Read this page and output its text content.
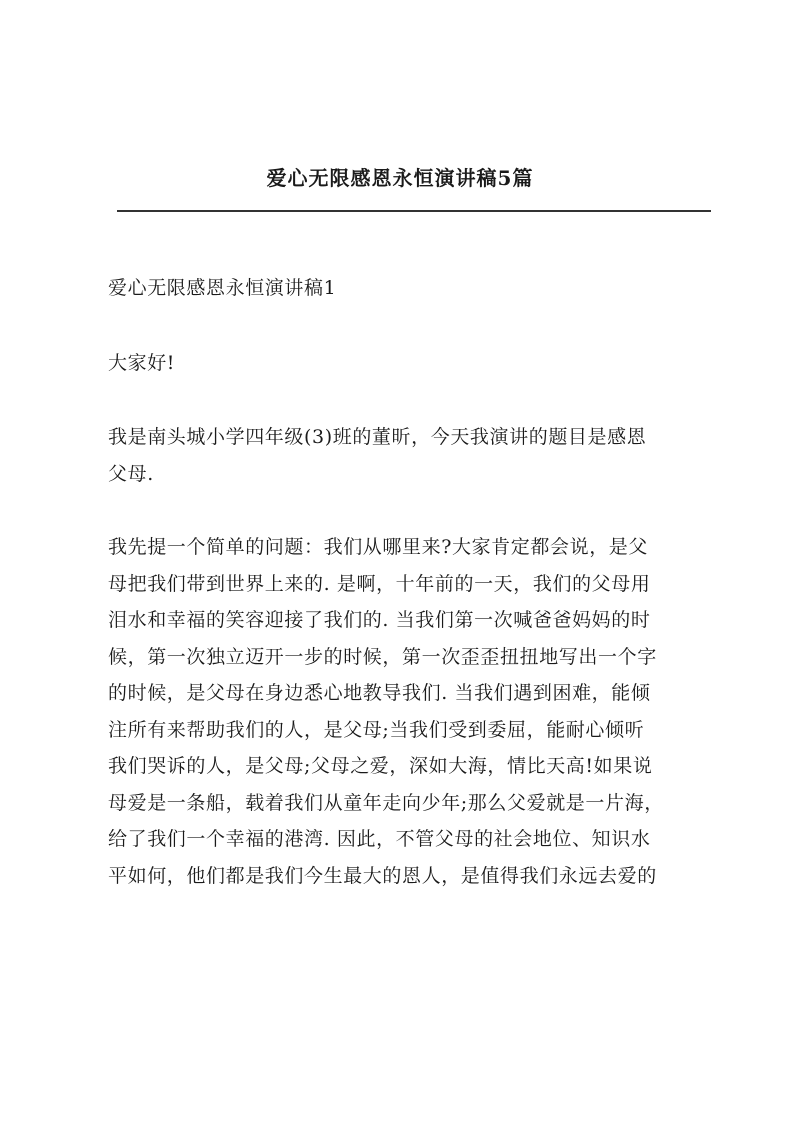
爱心无限感恩永恒演讲稿5篇
爱心无限感恩永恒演讲稿1
大家好!
我是南头城小学四年级(3)班的董昕，今天我演讲的题目是感恩
父母.
我先提一个简单的问题：我们从哪里来?大家肯定都会说，是父
母把我们带到世界上来的. 是啊，十年前的一天，我们的父母用
泪水和幸福的笑容迎接了我们的. 当我们第一次喊爸爸妈妈的时
候，第一次独立迈开一步的时候，第一次歪歪扭扭地写出一个字
的时候，是父母在身边悉心地教导我们. 当我们遇到困难，能倾
注所有来帮助我们的人，是父母;当我们受到委屈，能耐心倾听
我们哭诉的人，是父母;父母之爱，深如大海，情比天高!如果说
母爱是一条船，载着我们从童年走向少年;那么父爱就是一片海，
给了我们一个幸福的港湾. 因此，不管父母的社会地位、知识水
平如何，他们都是我们今生最大的恩人，是值得我们永远去爱的
